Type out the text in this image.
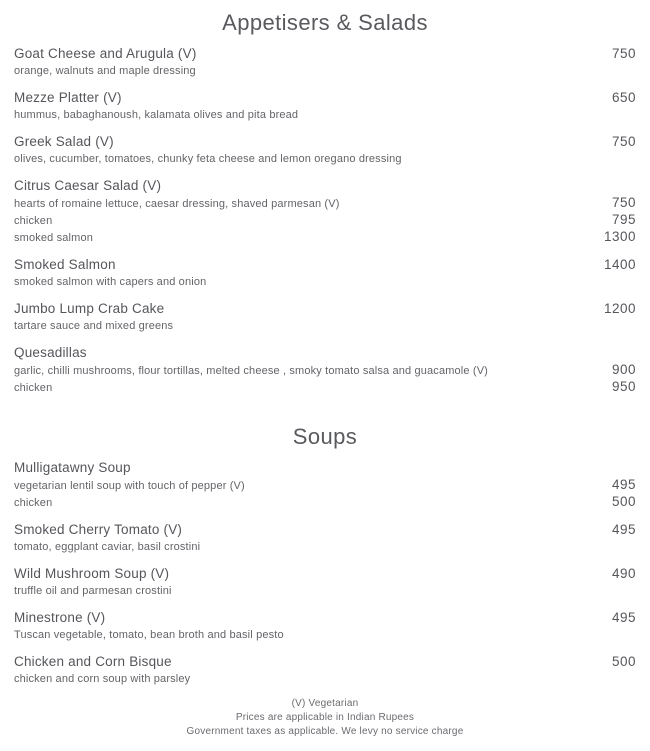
Appetisers & Salads
Goat Cheese and Arugula (V)	750
orange, walnuts and maple dressing
Mezze Platter (V)	650
hummus, babaghanoush, kalamata olives and pita bread
Greek Salad (V)	750
olives, cucumber, tomatoes, chunky feta cheese and lemon oregano dressing
Citrus Caesar Salad (V)
hearts of romaine lettuce, caesar dressing, shaved parmesan (V)	750
chicken	795
smoked salmon	1300
Smoked Salmon	1400
smoked salmon with capers and onion
Jumbo Lump Crab Cake	1200
tartare sauce and mixed greens
Quesadillas
garlic, chilli mushrooms, flour tortillas, melted cheese , smoky tomato salsa and guacamole (V)	900
chicken	950
Soups
Mulligatawny Soup
vegetarian lentil soup with touch of pepper (V)	495
chicken	500
Smoked Cherry Tomato (V)	495
tomato, eggplant caviar, basil crostini
Wild Mushroom Soup (V)	490
truffle oil and parmesan crostini
Minestrone (V)	495
Tuscan vegetable, tomato, bean broth and basil pesto
Chicken and Corn Bisque	500
chicken and corn soup with parsley
(V) Vegetarian
Prices are applicable in Indian Rupees
Government taxes as applicable. We levy no service charge
